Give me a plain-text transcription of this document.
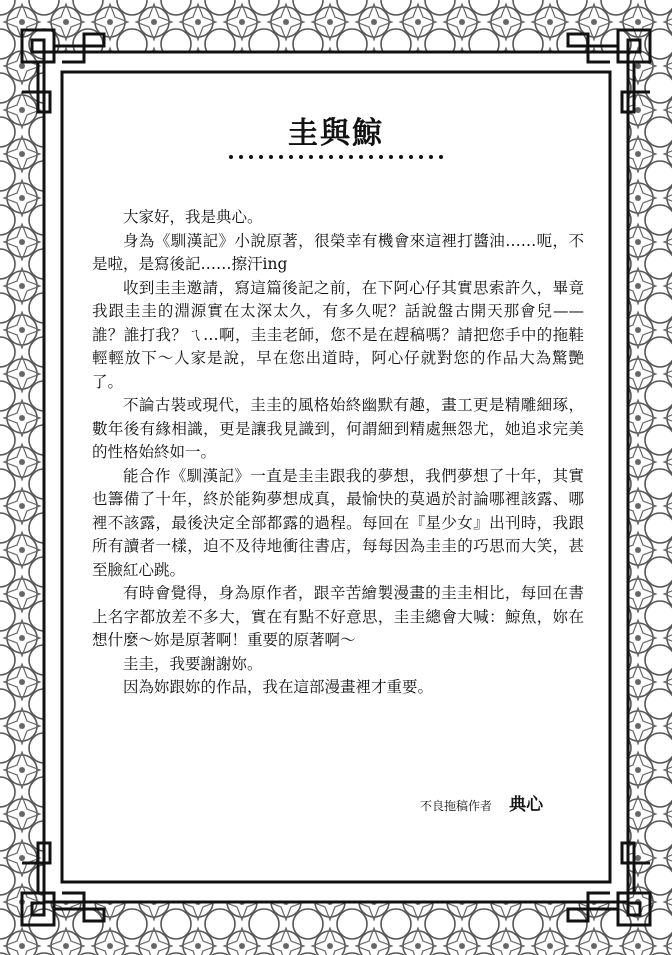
圭與鯨

大家好，我是典心。

身為《馴漢記》小說原著，很榮幸有機會來這裡打醬油……呃，不是啦，是寫後記……擦汗ing

收到圭圭邀請，寫這篇後記之前，在下阿心仔其實思索許久，畢竟我跟圭圭的淵源實在太深太久，有多久呢？話說盤古開天那會兒——誰？誰打我？ㄟ…啊，圭圭老師，您不是在趕稿嗎？請把您手中的拖鞋輕輕放下～人家是說，早在您出道時，阿心仔就對您的作品大為驚艷了。

不論古裝或現代，圭圭的風格始終幽默有趣，畫工更是精雕細琢，數年後有緣相識，更是讓我見識到，何謂細到精處無怨尤，她追求完美的性格始終如一。

能合作《馴漢記》一直是圭圭跟我的夢想，我們夢想了十年，其實也籌備了十年，終於能夠夢想成真，最愉快的莫過於討論哪裡該露、哪裡不該露，最後決定全部都露的過程。每回在『星少女』出刊時，我跟所有讀者一樣，迫不及待地衝往書店，每每因為圭圭的巧思而大笑，甚至臉紅心跳。

有時會覺得，身為原作者，跟辛苦繪製漫畫的圭圭相比，每回在書上名字都放差不多大，實在有點不好意思，圭圭總會大喊：鯨魚，妳在想什麼～妳是原著啊！重要的原著啊～

圭圭，我要謝謝妳。

因為妳跟妳的作品，我在這部漫畫裡才重要。

不良拖稿作者 典心
